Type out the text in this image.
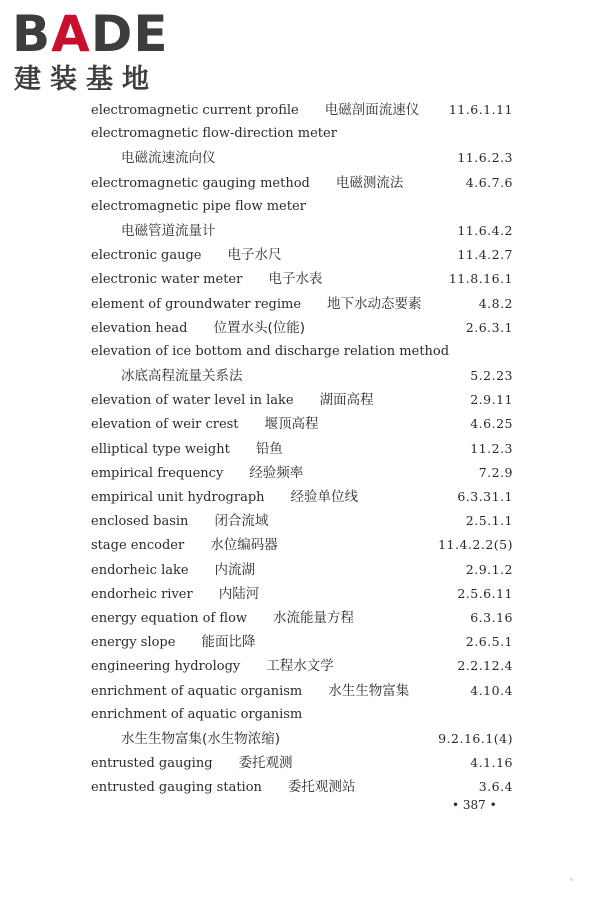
BADE
建装基地
electromagnetic current profile 电磁剖面流速仪 11.6.1.11
electromagnetic flow-direction meter
电磁流速流向仪	11.6.2.3
electromagnetic gauging method 电磁测流法	4.6.7.6
electromagnetic pipe flow meter
电磁管道流量计	11.6.4.2
electronic gauge 电子水尺	11.4.2.7
electronic water meter 电子水表	11.8.16.1
element of groundwater regime 地下水动态要素	4.8.2
elevation head 位置水头(位能)	2.6.3.1
elevation of ice bottom and discharge relation method
冰底高程流量关系法	5.2.23
elevation of water level in lake 湖面高程	2.9.11
elevation of weir crest 堰顶高程	4.6.25
elliptical type weight 铅鱼	11.2.3
empirical frequency 经验频率	7.2.9
empirical unit hydrograph 经验单位线	6.3.31.1
enclosed basin 闭合流域	2.5.1.1
stage encoder 水位编码器	11.4.2.2(5)
endorheic lake 内流湖	2.9.1.2
endorheic river 内陆河	2.5.6.11
energy equation of flow 水流能量方程	6.3.16
energy slope 能面比降	2.6.5.1
engineering hydrology 工程水文学	2.2.12.4
enrichment of aquatic organism 水生生物富集	4.10.4
enrichment of aquatic organism
水生生物富集(水生物浓缩)	9.2.16.1(4)
entrusted gauging 委托观测	4.1.16
entrusted gauging station 委托观测站	3.6.4
• 387 •
